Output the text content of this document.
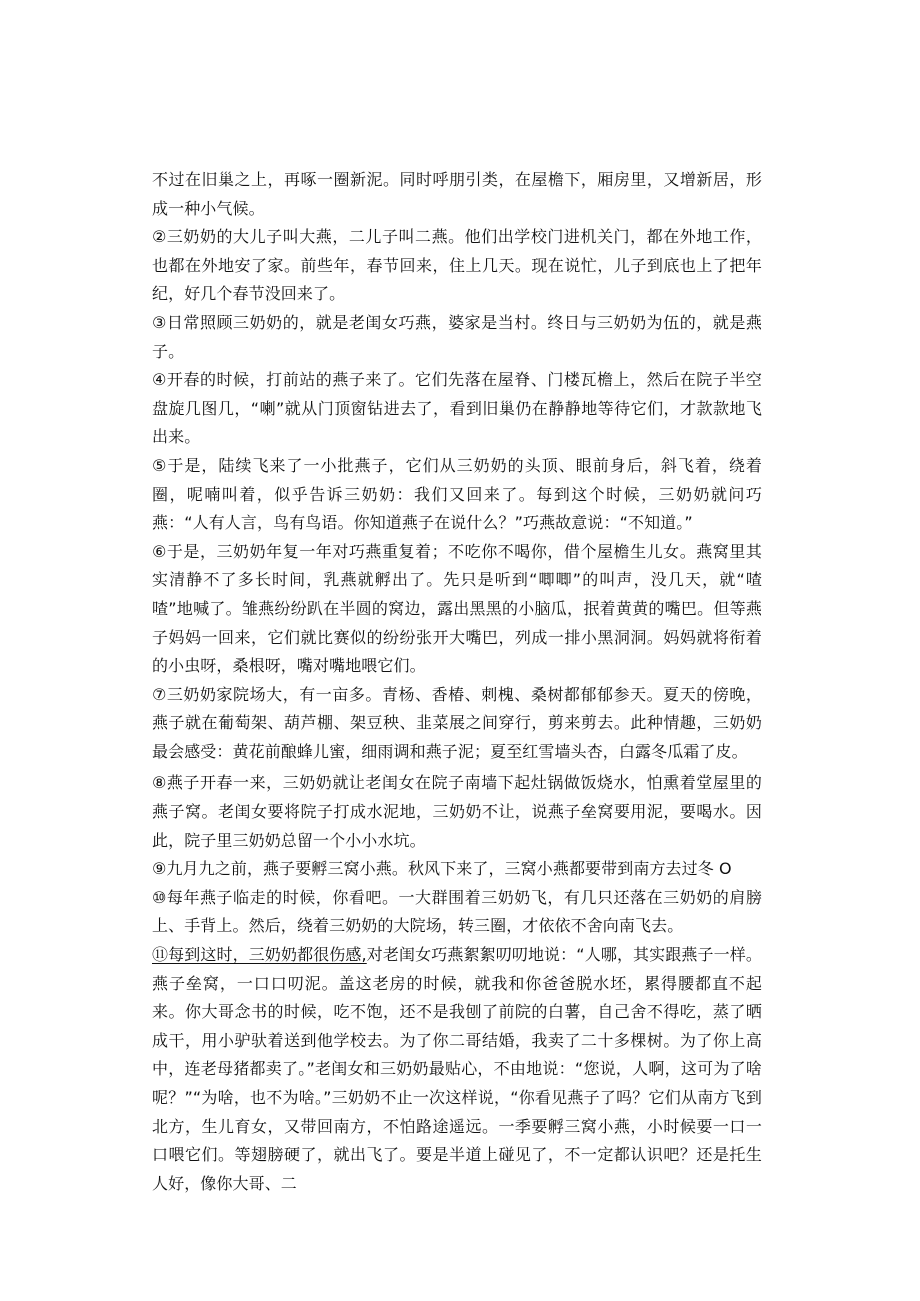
不过在旧巢之上，再啄一圈新泥。同时呼朋引类，在屋檐下，厢房里，又增新居，形成一种小气候。

②三奶奶的大儿子叫大燕，二儿子叫二燕。他们出学校门进机关门，都在外地工作，也都在外地安了家。前些年，春节回来，住上几天。现在说忙，儿子到底也上了把年纪，好几个春节没回来了。

③日常照顾三奶奶的，就是老闺女巧燕，婆家是当村。终日与三奶奶为伍的，就是燕子。

④开春的时候，打前站的燕子来了。它们先落在屋脊、门楼瓦檐上，然后在院子半空盘旋几图几，“喇”就从门顶窗钻进去了，看到旧巢仍在静静地等待它们，才款款地飞出来。

⑤于是，陆续飞来了一小批燕子，它们从三奶奶的头顶、眼前身后，斜飞着，绕着圈，呢喃叫着，似乎告诉三奶奶：我们又回来了。每到这个时候，三奶奶就问巧燕：“人有人言，鸟有鸟语。你知道燕子在说什么？”巧燕故意说：“不知道。”

⑥于是，三奶奶年复一年对巧燕重复着；不吃你不喝你，借个屋檐生儿女。燕窝里其实清静不了多长时间，乳燕就孵出了。先只是听到“唧唧”的叫声，没几天，就“喳喳”地喊了。雏燕纷纷趴在半圆的窝边，露出黑黑的小脑瓜，抿着黄黄的嘴巴。但等燕子妈妈一回来，它们就比赛似的纷纷张开大嘴巴，列成一排小黑洞洞。妈妈就将衔着的小虫呀，桑根呀，嘴对嘴地喂它们。

⑦三奶奶家院场大，有一亩多。青杨、香椿、刺槐、桑树都郁郁参天。夏天的傍晚，燕子就在葡萄架、葫芦棚、架豆秧、韭菜展之间穿行，剪来剪去。此种情趣，三奶奶最会感受：黄花前酿蜂儿蜜，细雨调和燕子泥；夏至红雪墙头杏，白露冬瓜霜了皮。

⑧燕子开春一来，三奶奶就让老闺女在院子南墙下起灶锅做饭烧水，怕熏着堂屋里的燕子窝。老闺女要将院子打成水泥地，三奶奶不让，说燕子垒窝要用泥，要喝水。因此，院子里三奶奶总留一个小小水坑。

⑨九月九之前，燕子要孵三窝小燕。秋风下来了，三窝小燕都要带到南方去过冬 O

⑩每年燕子临走的时候，你看吧。一大群围着三奶奶飞，有几只还落在三奶奶的肩膀上、手背上。然后，绕着三奶奶的大院场，转三圈，才依依不舍向南飞去。

⑪每到这时，三奶奶都很伤感,对老闺女巧燕絮絮叨叨地说：“人哪，其实跟燕子一样。燕子垒窝，一口口叨泥。盖这老房的时候，就我和你爸爸脱水坯，累得腰都直不起来。你大哥念书的时候，吃不饱，还不是我刨了前院的白薯，自己舍不得吃，蒸了晒成干，用小驴驮着送到他学校去。为了你二哥结婚，我卖了二十多棵树。为了你上高中，连老母猪都卖了。”老闺女和三奶奶最贴心，不由地说：“您说，人啊，这可为了啥呢？”“为啥，也不为啥。”三奶奶不止一次这样说，“你看见燕子了吗？它们从南方飞到北方，生儿育女，又带回南方，不怕路途遥远。一季要孵三窝小燕，小时候要一口一口喂它们。等翅膀硬了，就出飞了。要是半道上碰见了，不一定都认识吧？还是托生人好，像你大哥、二
